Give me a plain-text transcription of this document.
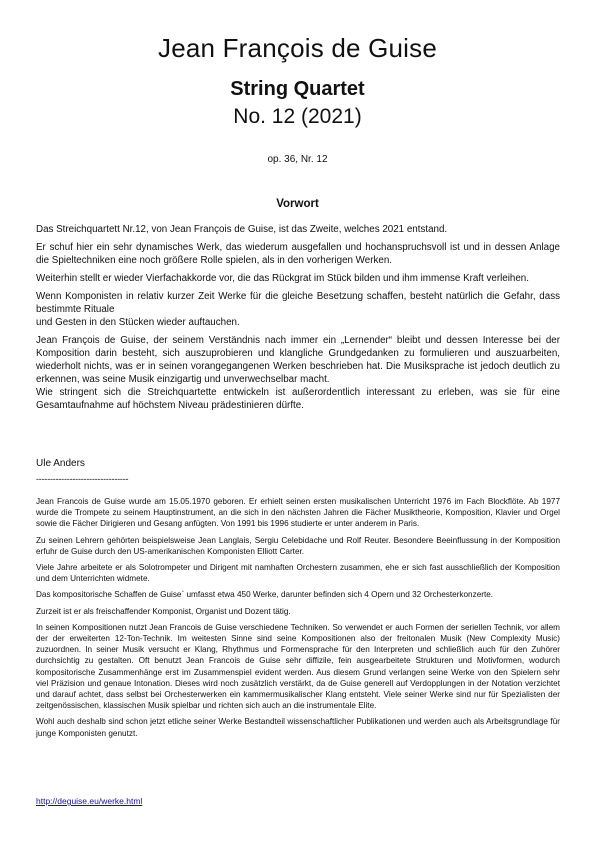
Jean François de Guise
String Quartet
No. 12 (2021)
op. 36, Nr. 12
Vorwort

Das Streichquartett Nr.12, von Jean François de Guise, ist das Zweite, welches 2021 entstand.

Er schuf hier ein sehr dynamisches Werk, das wiederum ausgefallen und hochanspruchsvoll ist und in dessen Anlage die Spieltechniken eine noch größere Rolle spielen, als in den vorherigen Werken.

Weiterhin stellt er wieder Vierfachakkorde vor, die das Rückgrat im Stück bilden und ihm immense Kraft verleihen.

Wenn Komponisten in relativ kurzer Zeit Werke für die gleiche Besetzung schaffen, besteht natürlich die Gefahr, dass bestimmte Rituale

und Gesten in den Stücken wieder auftauchen.

Jean François de Guise, der seinem Verständnis nach immer ein „Lernender“ bleibt und dessen Interesse bei der Komposition darin besteht, sich auszuprobieren und klangliche Grundgedanken zu formulieren und auszuarbeiten, wiederholt nichts, was er in seinen vorangegangenen Werken beschrieben hat. Die Musiksprache ist jedoch deutlich zu erkennen, was seine Musik einzigartig und unverwechselbar macht.

Wie stringent sich die Streichquartette entwickeln ist außerordentlich interessant zu erleben, was sie für eine Gesamtaufnahme auf höchstem Niveau prädestinieren dürfte.

Ule Anders
---------------------------------

Jean Francois de Guise wurde am 15.05.1970 geboren. Er erhielt seinen ersten musikalischen Unterricht 1976 im Fach Blockflöte. Ab 1977 wurde die Trompete zu seinem Hauptinstrument, an die sich in den nächsten Jahren die Fächer Musiktheorie, Komposition, Klavier und Orgel sowie die Fächer Dirigieren und Gesang anfügten. Von 1991 bis 1996 studierte er unter anderem in Paris.

Zu seinen Lehrern gehörten beispielsweise Jean Langlais, Sergiu Celebidache und Rolf Reuter. Besondere Beeinflussung in der Komposition erfuhr de Guise durch den US-amerikanischen Komponisten Elliott Carter.

Viele Jahre arbeitete er als Solotrompeter und Dirigent mit namhaften Orchestern zusammen, ehe er sich fast ausschließlich der Komposition und dem Unterrichten widmete.

Das kompositorische Schaffen de Guise` umfasst etwa 450 Werke, darunter befinden sich 4 Opern und 32 Orchesterkonzerte.

Zurzeit ist er als freischaffender Komponist, Organist und Dozent tätig.

In seinen Kompositionen nutzt Jean Francois de Guise verschiedene Techniken. So verwendet er auch Formen der seriellen Technik, vor allem der der erweiterten 12-Ton-Technik. Im weitesten Sinne sind seine Kompositionen also der freitonalen Musik (New Complexity Music) zuzuordnen. In seiner Musik versucht er Klang, Rhythmus und Formensprache für den Interpreten und schließlich auch für den Zuhörer durchsichtig zu gestalten. Oft benutzt Jean Francois de Guise sehr diffizile, fein ausgearbeitete Strukturen und Motivformen, wodurch kompositorische Zusammenhänge erst im Zusammenspiel evident werden. Aus diesem Grund verlangen seine Werke von den Spielern sehr viel Präzision und genaue Intonation. Dieses wird noch zusätzlich verstärkt, da de Guise generell auf Verdopplungen in der Notation verzichtet und darauf achtet, dass selbst bei Orchesterwerken ein kammermusikalischer Klang entsteht. Viele seiner Werke sind nur für Spezialisten der zeitgenössischen, klassischen Musik spielbar und richten sich auch an die instrumentale Elite.

Wohl auch deshalb sind schon jetzt etliche seiner Werke Bestandteil wissenschaftlicher Publikationen und werden auch als Arbeitsgrundlage für junge Komponisten genutzt.

http://deguise.eu/werke.html
